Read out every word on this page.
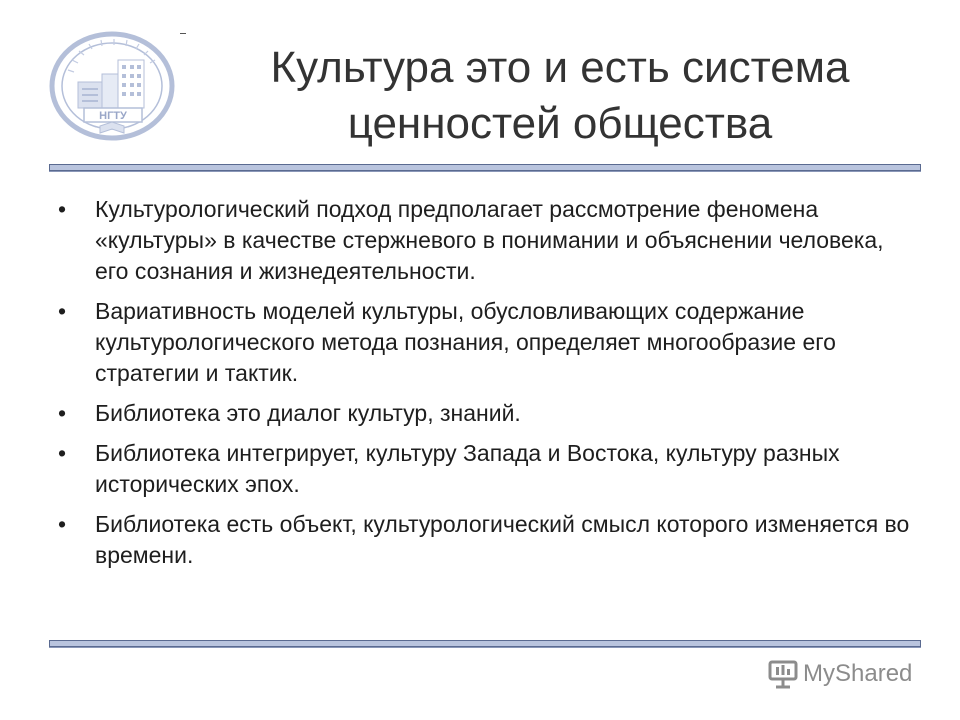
НГТУ
Культура это и есть система
ценностей общества
• Культурологический подход предполагает рассмотрение феномена «культуры» в качестве стержневого в понимании и объяснении человека, его сознания и жизнедеятельности.
• Вариативность моделей культуры, обусловливающих содержание культурологического метода познания, определяет многообразие его стратегии и тактик.
• Библиотека это диалог культур, знаний.
• Библиотека интегрирует, культуру Запада и Востока, культуру разных исторических эпох.
• Библиотека есть объект, культурологический смысл которого изменяется во времени.
MyShared
